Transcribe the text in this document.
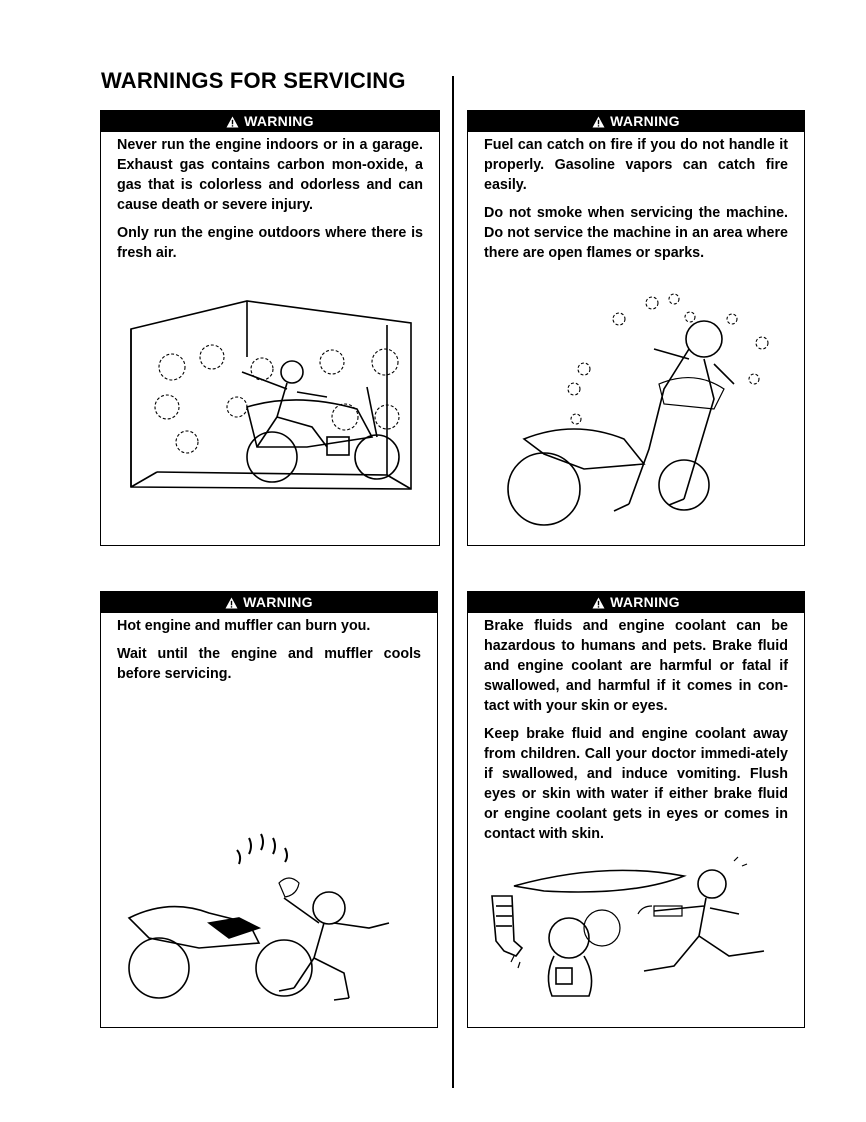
WARNINGS FOR SERVICING
WARNING

Never run the engine indoors or in a garage. Exhaust gas contains carbon mon-oxide, a gas that is colorless and odorless and can cause death or severe injury.

Only run the engine outdoors where there is fresh air.

WARNING

Fuel can catch on fire if you do not handle it properly. Gasoline vapors can catch fire easily.

Do not smoke when servicing the machine. Do not service the machine in an area where there are open flames or sparks.

WARNING

Hot engine and muffler can burn you.

Wait until the engine and muffler cools before servicing.

WARNING

Brake fluids and engine coolant can be hazardous to humans and pets. Brake fluid and engine coolant are harmful or fatal if swallowed, and harmful if it comes in con-tact with your skin or eyes.

Keep brake fluid and engine coolant away from children. Call your doctor immedi-ately if swallowed, and induce vomiting. Flush eyes or skin with water if either brake fluid or engine coolant gets in eyes or comes in contact with skin.
